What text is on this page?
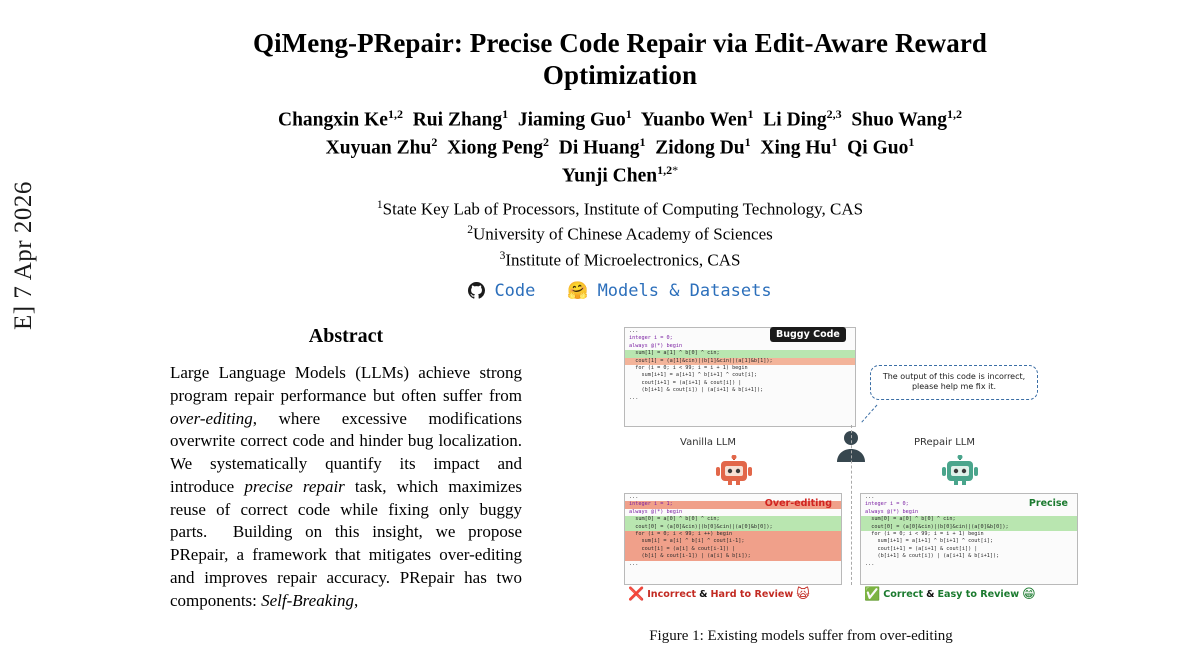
E] 7 Apr 2026
QiMeng-PRepair: Precise Code Repair via Edit-Aware Reward Optimization
Changxin Ke$^{1,2}$  Rui Zhang$^1$  Jiaming Guo$^1$  Yuanbo Wen$^1$  Li Ding$^{2,3}$  Shuo Wang$^{1,2}$
Xuyuan Zhu$^2$  Xiong Peng$^2$  Di Huang$^1$  Zidong Du$^1$  Xing Hu$^1$  Qi Guo$^1$
Yunji Chen$^{1,2*}$
$^1$State Key Lab of Processors, Institute of Computing Technology, CAS
$^2$University of Chinese Academy of Sciences
$^3$Institute of Microelectronics, CAS
Code 🤗 Models & Datasets
Abstract
Large Language Models (LLMs) achieve strong program repair performance but often suffer from over-editing, where excessive modifications overwrite correct code and hinder bug localization. We systematically quantify its impact and introduce precise repair task, which maximizes reuse of correct code while fixing only buggy parts.  Building on this insight, we propose PRepair, a framework that mitigates over-editing and improves repair accuracy. PRepair has two components: Self-Breaking,
...
integer i = 0;
always @(*) begin
sum[1] = a[1] ^ b[0] ^ cin;
cout[1] = (a[1]&cin)|(b[1]&cin)|(a[1]&b[1]);
for (i = 0; i < 99; i = i + 1) begin
sum[i+1] = a[i+1] ^ b[i+1] ^ cout[i];
cout[i+1] = (a[i+1] & cout[i]) |
(b[i+1] & cout[i]) | (a[i+1] & b[i+1]);
...
Buggy Code
The output of this code is incorrect, please help me fix it.
Vanilla LLM	PRepair LLM
...
integer i = 1;
always @(*) begin
sum[0] = a[0] ^ b[0] ^ cin;
cout[0] = (a[0]&cin)|(b[0]&cin)|(a[0]&b[0]);
for (i = 0; i < 99; i ++) begin
sum[i] = a[i] ^ b[i] ^ cout[i-1];
cout[i] = (a[i] & cout[i-1]) |
(b[i] & cout[i-1]) | (a[i] & b[i]);
...
Over-editing
...
integer i = 0;
always @(*) begin
sum[0] = a[0] ^ b[0] ^ cin;
cout[0] = (a[0]&cin)|(b[0]&cin)|(a[0]&b[0]);
for (i = 0; i < 99; i = i + 1) begin
sum[i+1] = a[i+1] ^ b[i+1] ^ cout[i];
cout[i+1] = (a[i+1] & cout[i]) |
(b[i+1] & cout[i]) | (a[i+1] & b[i+1]);
...
Precise
❌ Incorrect & Hard to Review 🙀	✅ Correct & Easy to Review 😁
Figure 1: Existing models suffer from over-editing
